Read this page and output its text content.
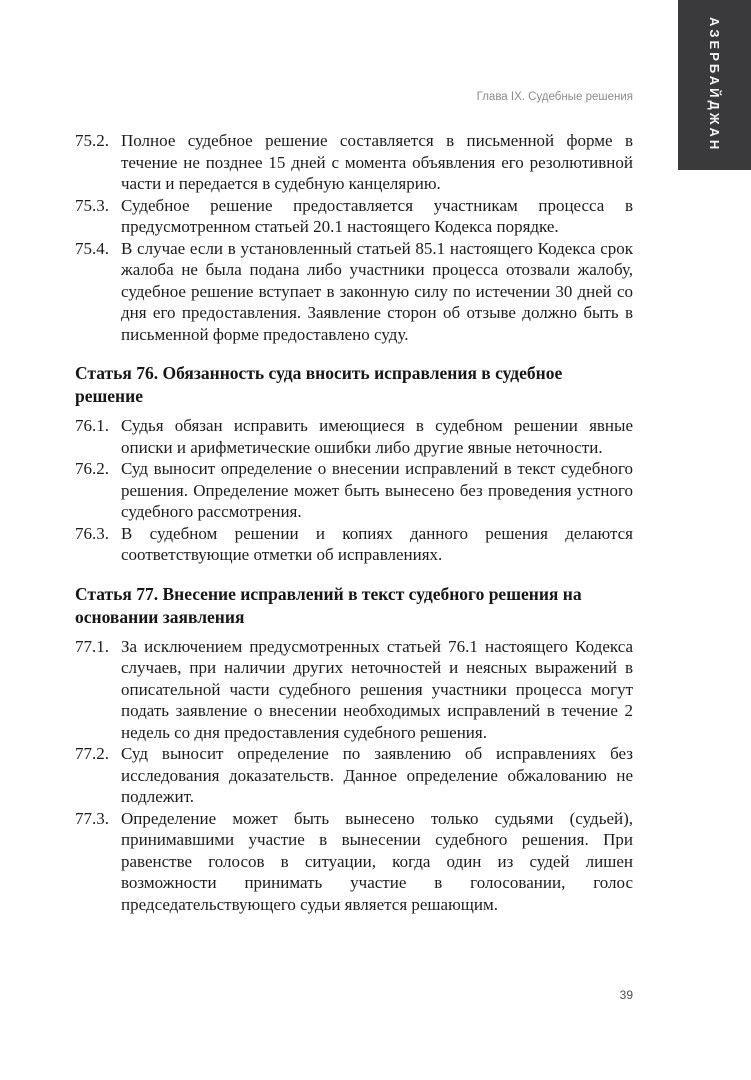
АЗЕРБАЙДЖАН
Глава IX. Судебные решения
75.2. Полное судебное решение составляется в письменной форме в течение не позднее 15 дней с момента объявления его резолютивной части и передается в судебную канцелярию.
75.3. Судебное решение предоставляется участникам процесса в предусмотренном статьей 20.1 настоящего Кодекса порядке.
75.4. В случае если в установленный статьей 85.1 настоящего Кодекса срок жалоба не была подана либо участники процесса отозвали жалобу, судебное решение вступает в законную силу по истечении 30 дней со дня его предоставления. Заявление сторон об отзыве должно быть в письменной форме предоставлено суду.
Статья 76. Обязанность суда вносить исправления в судебное решение
76.1. Судья обязан исправить имеющиеся в судебном решении явные описки и арифметические ошибки либо другие явные неточности.
76.2. Суд выносит определение о внесении исправлений в текст судебного решения. Определение может быть вынесено без проведения устного судебного рассмотрения.
76.3. В судебном решении и копиях данного решения делаются соответствующие отметки об исправлениях.
Статья 77. Внесение исправлений в текст судебного решения на основании заявления
77.1. За исключением предусмотренных статьей 76.1 настоящего Кодекса случаев, при наличии других неточностей и неясных выражений в описательной части судебного решения участники процесса могут подать заявление о внесении необходимых исправлений в течение 2 недель со дня предоставления судебного решения.
77.2. Суд выносит определение по заявлению об исправлениях без исследования доказательств. Данное определение обжалованию не подлежит.
77.3. Определение может быть вынесено только судьями (судьей), принимавшими участие в вынесении судебного решения. При равенстве голосов в ситуации, когда один из судей лишен возможности принимать участие в голосовании, голос председательствующего судьи является решающим.
39
